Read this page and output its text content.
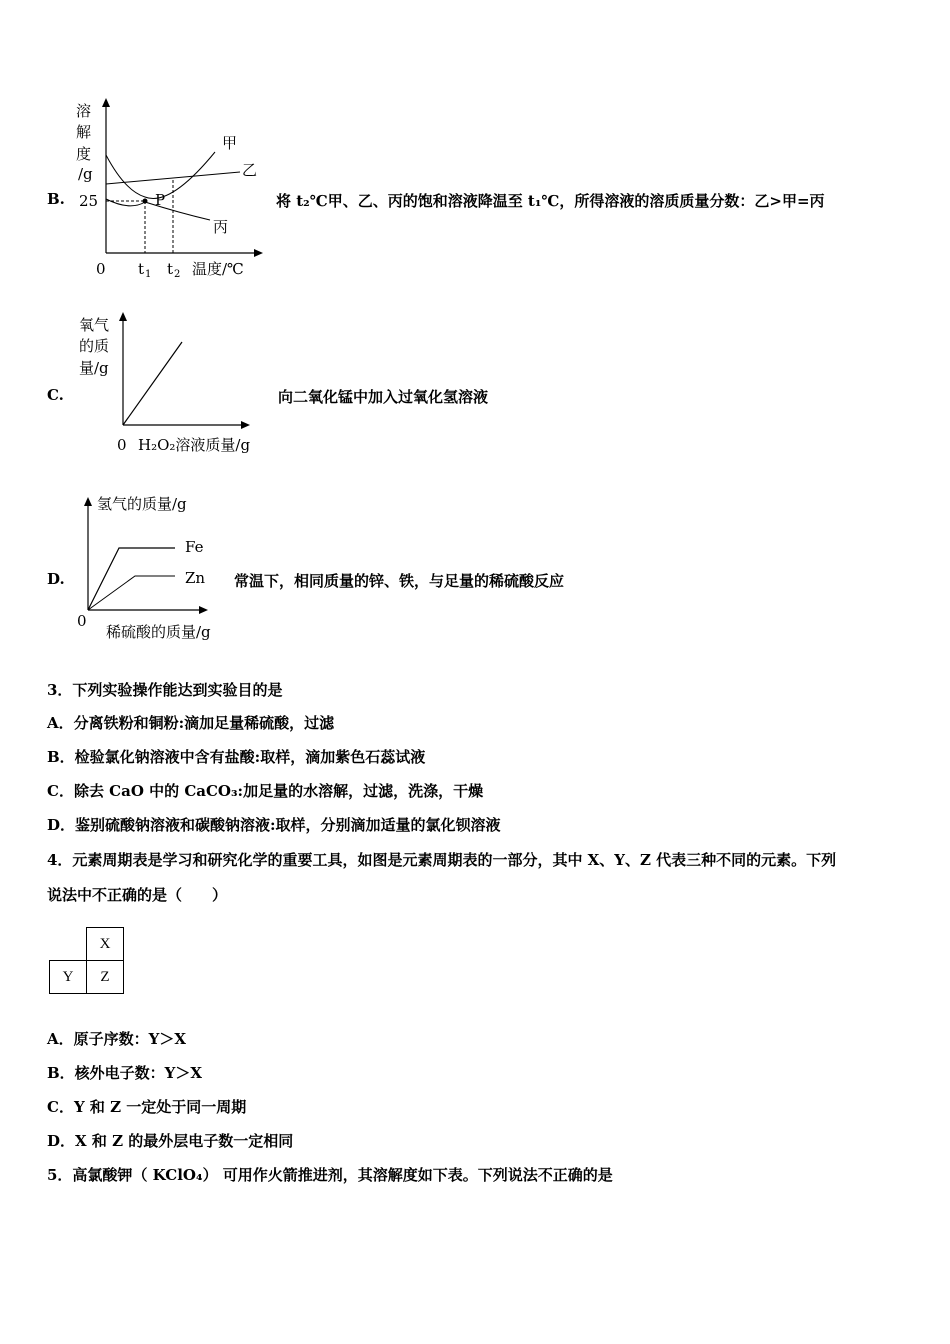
B.
溶
解
度
/g
25
甲
乙
丙
P
0 t 1 t 2 温度/℃
将 t₂℃甲、乙、丙的饱和溶液降温至 t₁℃，所得溶液的溶质质量分数：乙>甲=丙
C.
氧气
的质
量/g
0 H₂O₂溶液质量/g
向二氧化锰中加入过氧化氢溶液
D.
氢气的质量/g
Fe
Zn
0
稀硫酸的质量/g
常温下，相同质量的锌、铁，与足量的稀硫酸反应
3．下列实验操作能达到实验目的是
A．分离铁粉和铜粉:滴加足量稀硫酸，过滤
B．检验氯化钠溶液中含有盐酸:取样，滴加紫色石蕊试液
C．除去 CaO 中的 CaCO₃:加足量的水溶解，过滤，洗涤，干燥
D．鉴别硫酸钠溶液和碳酸钠溶液:取样，分别滴加适量的氯化钡溶液
4．元素周期表是学习和研究化学的重要工具，如图是元素周期表的一部分，其中 X、Y、Z 代表三种不同的元素。下列
说法中不正确的是（　　）
	X
Y	Z
A．原子序数：Y＞X
B．核外电子数：Y＞X
C．Y 和 Z 一定处于同一周期
D．X 和 Z 的最外层电子数一定相同
5．高氯酸钾（ KClO₄） 可用作火箭推进剂，其溶解度如下表。下列说法不正确的是
